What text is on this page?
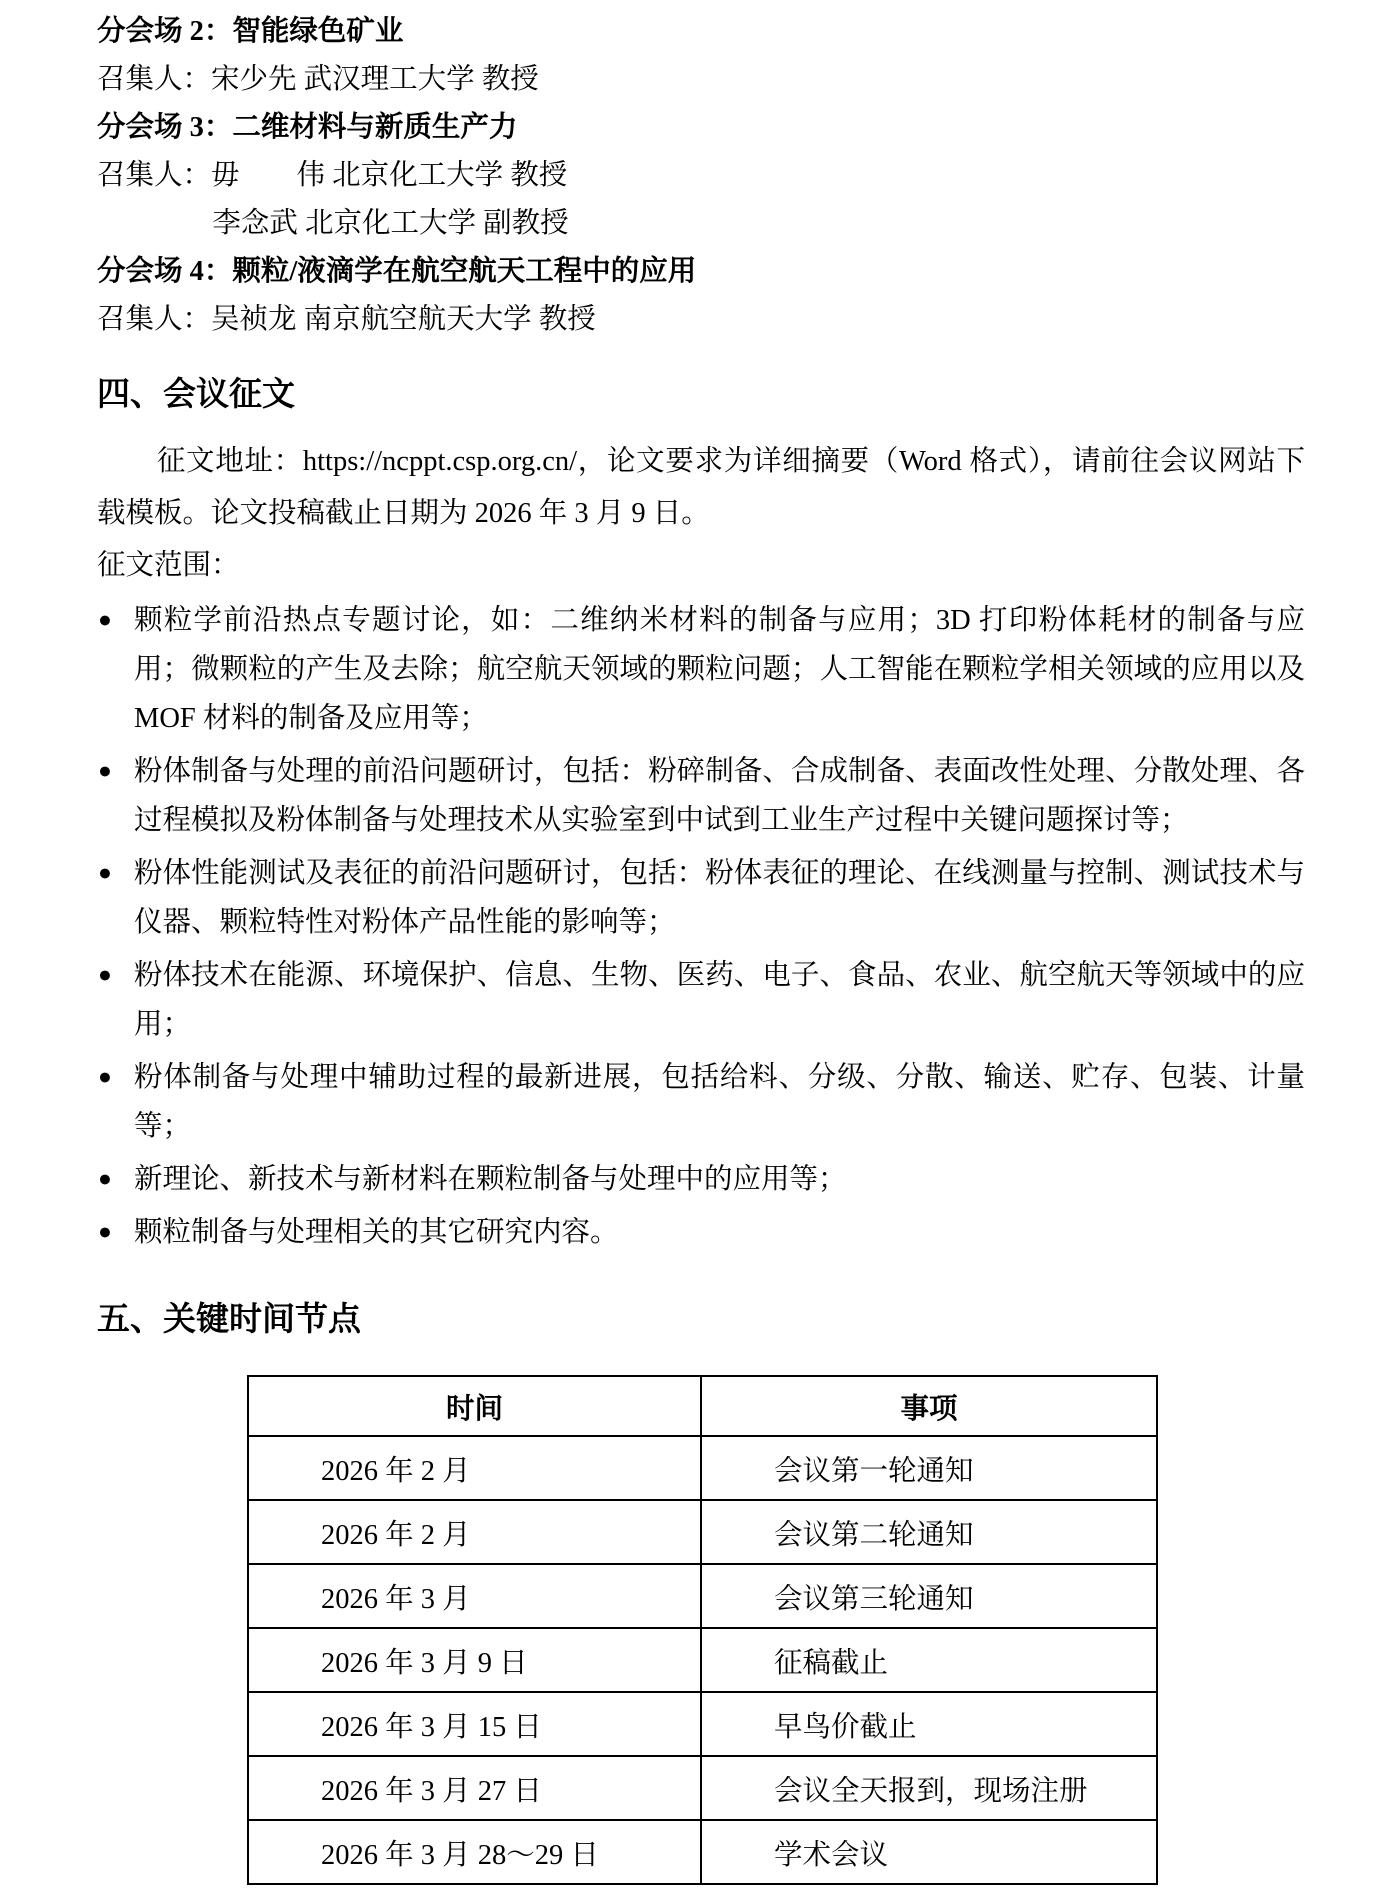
分会场 2：智能绿色矿业
召集人：宋少先 武汉理工大学 教授
分会场 3：二维材料与新质生产力
召集人：毋　　伟 北京化工大学 教授
李念武 北京化工大学 副教授
分会场 4：颗粒/液滴学在航空航天工程中的应用
召集人：吴祯龙 南京航空航天大学 教授
四、会议征文

征文地址：https://ncppt.csp.org.cn/，论文要求为详细摘要（Word 格式），请前往会议网站下载模板。论文投稿截止日期为 2026 年 3 月 9 日。

征文范围：

● 颗粒学前沿热点专题讨论，如：二维纳米材料的制备与应用；3D 打印粉体耗材的制备与应用；微颗粒的产生及去除；航空航天领域的颗粒问题；人工智能在颗粒学相关领域的应用以及 MOF 材料的制备及应用等；
● 粉体制备与处理的前沿问题研讨，包括：粉碎制备、合成制备、表面改性处理、分散处理、各过程模拟及粉体制备与处理技术从实验室到中试到工业生产过程中关键问题探讨等；
● 粉体性能测试及表征的前沿问题研讨，包括：粉体表征的理论、在线测量与控制、测试技术与仪器、颗粒特性对粉体产品性能的影响等；
● 粉体技术在能源、环境保护、信息、生物、医药、电子、食品、农业、航空航天等领域中的应用；
● 粉体制备与处理中辅助过程的最新进展，包括给料、分级、分散、输送、贮存、包装、计量等；
● 新理论、新技术与新材料在颗粒制备与处理中的应用等；
● 颗粒制备与处理相关的其它研究内容。
五、关键时间节点
时间	事项
2026 年 2 月	会议第一轮通知
2026 年 2 月	会议第二轮通知
2026 年 3 月	会议第三轮通知
2026 年 3 月 9 日	征稿截止
2026 年 3 月 15 日	早鸟价截止
2026 年 3 月 27 日	会议全天报到，现场注册
2026 年 3 月 28～29 日	学术会议
